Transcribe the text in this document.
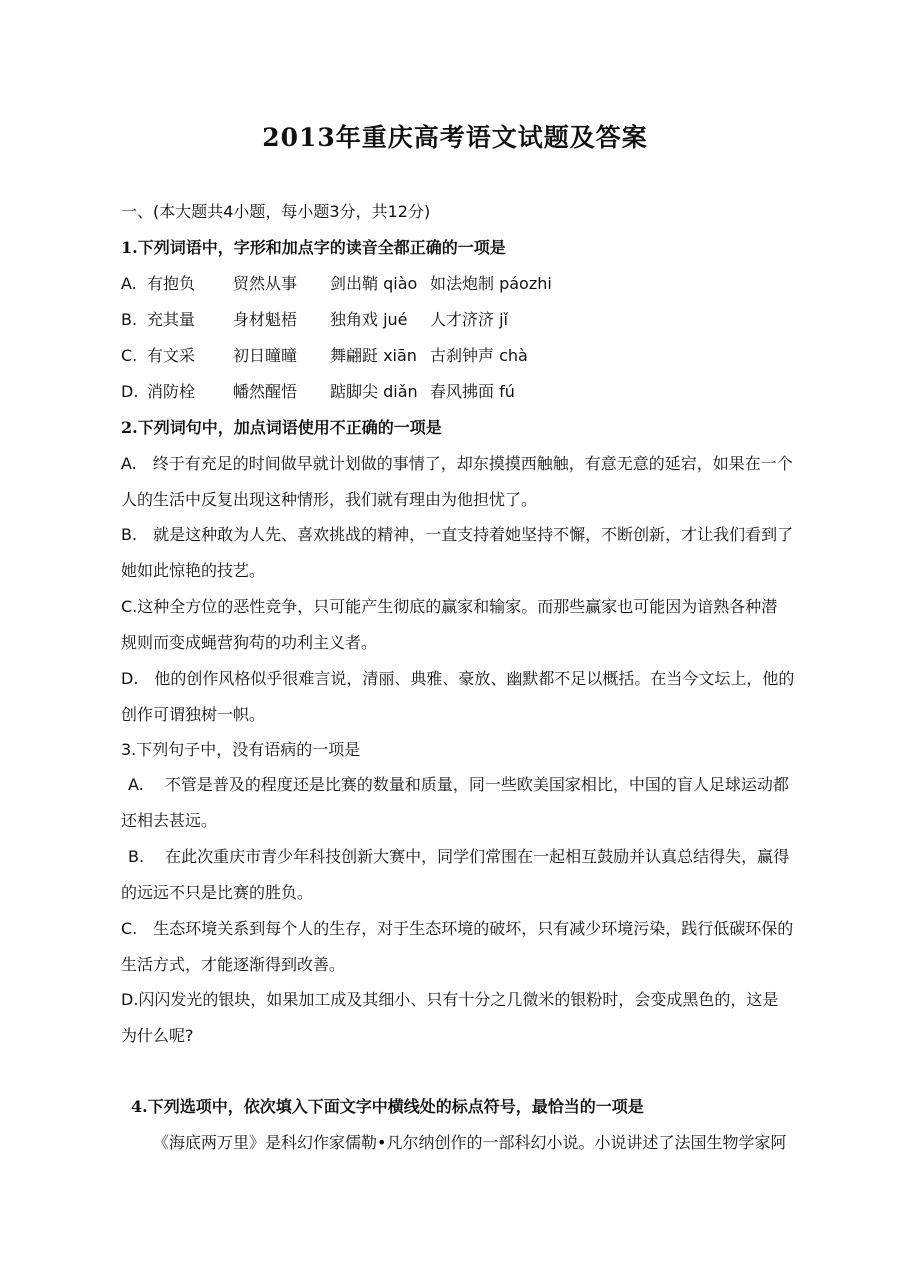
2013年重庆高考语文试题及答案
一、(本大题共4小题，每小题3分，共12分)
1.下列词语中，字形和加点字的读音全都正确的一项是
A. 有抱负 贸然从事 剑出鞘 qiào 如法炮制 páozhi
B. 充其量 身材魁梧 独角戏 jué 人才济济 jǐ
C. 有文采 初日曈曈 舞翩跹 xiān 古刹钟声 chà
D. 消防栓 幡然醒悟 踮脚尖 diǎn 春风拂面 fú
2.下列词句中，加点词语使用不正确的一项是
A.　终于有充足的时间做早就计划做的事情了，却东摸摸西触触，有意无意的延宕，如果在一个
人的生活中反复出现这种情形，我们就有理由为他担忧了。
B.　就是这种敢为人先、喜欢挑战的精神，一直支持着她坚持不懈，不断创新，才让我们看到了
她如此惊艳的技艺。
C.这种全方位的恶性竞争，只可能产生彻底的赢家和输家。而那些赢家也可能因为谙熟各种潜
规则而变成蝇营狗苟的功利主义者。
D.　他的创作风格似乎很难言说，清丽、典雅、豪放、幽默都不足以概括。在当今文坛上，他的
创作可谓独树一帜。
3.下列句子中，没有语病的一项是
A.　 不管是普及的程度还是比赛的数量和质量，同一些欧美国家相比，中国的盲人足球运动都
还相去甚远。
B.　 在此次重庆市青少年科技创新大赛中，同学们常围在一起相互鼓励并认真总结得失，赢得
的远远不只是比赛的胜负。
C.　生态环境关系到每个人的生存，对于生态环境的破坏，只有减少环境污染，践行低碳环保的
生活方式，才能逐渐得到改善。
D.闪闪发光的银块，如果加工成及其细小、只有十分之几微米的银粉时，会变成黑色的，这是
为什么呢?
4.下列选项中，依次填入下面文字中横线处的标点符号，最恰当的一项是
《海底两万里》是科幻作家儒勒•凡尔纳创作的一部科幻小说。小说讲述了法国生物学家阿
